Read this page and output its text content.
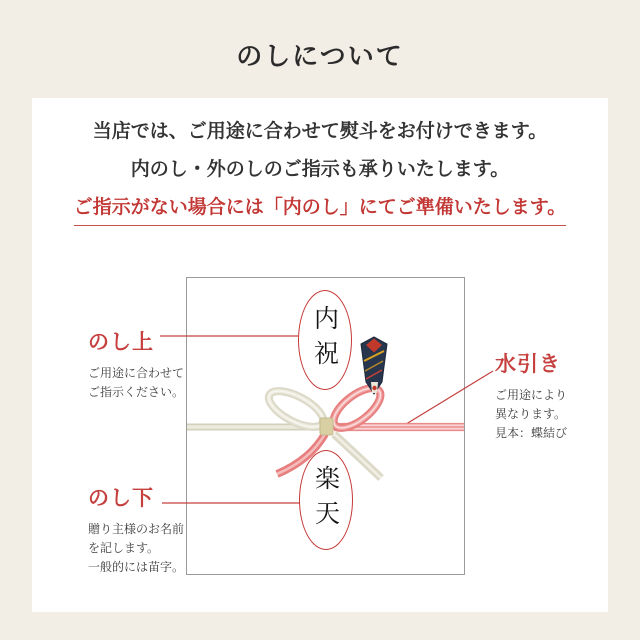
のしについて

当店では、ご用途に合わせて熨斗をお付けできます。

内のし・外のしのご指示も承りいたします。

ご指示がない場合には「内のし」にてご準備いたします。

内祝
楽天

のし上

ご用途に合わせて

ご指示ください。

のし下

贈り主様のお名前

を記します。

一般的には苗字。

水引き

ご用途により

異なります。

見本：蝶結び
